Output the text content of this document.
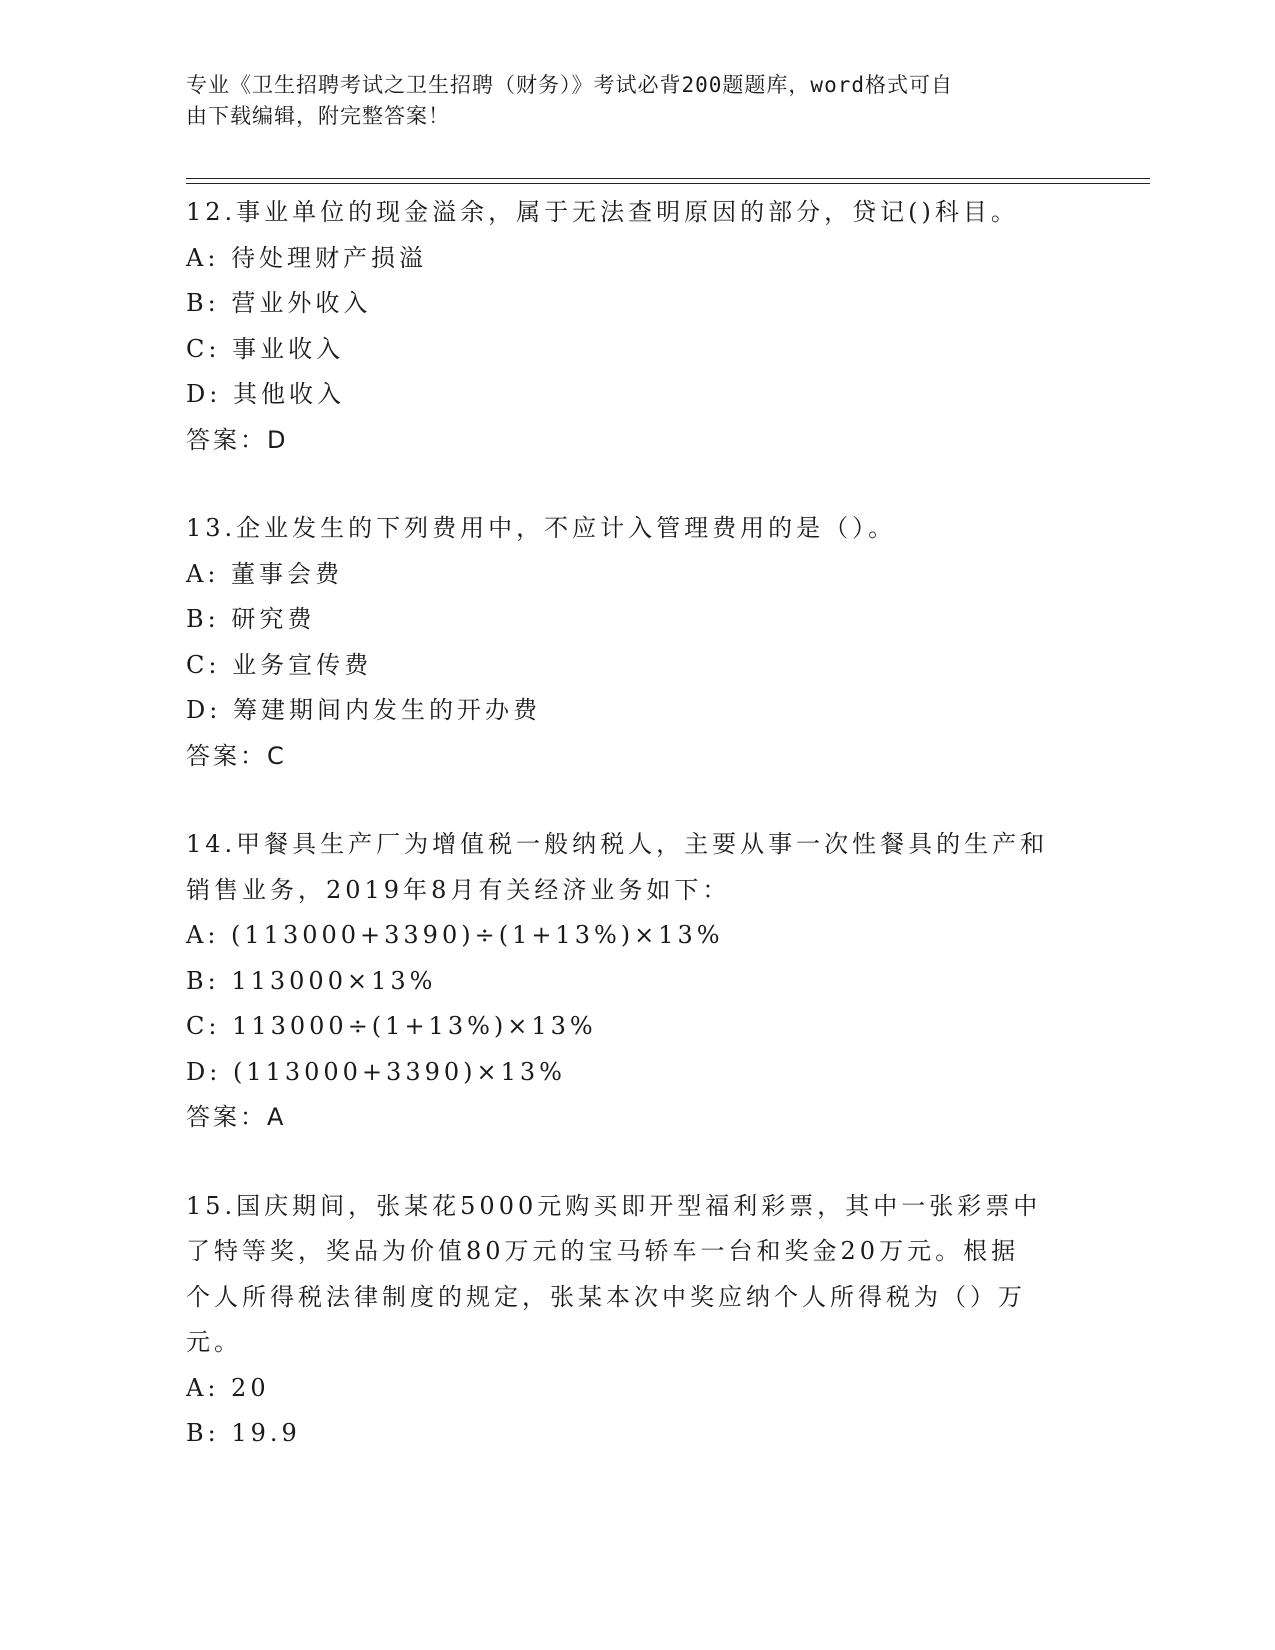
专业《卫生招聘考试之卫生招聘（财务）》考试必背200题题库，word格式可自
由下载编辑，附完整答案！
12.事业单位的现金溢余，属于无法查明原因的部分，贷记()科目。
A: 待处理财产损溢
B: 营业外收入
C: 事业收入
D: 其他收入
答案：D
13.企业发生的下列费用中，不应计入管理费用的是（）。
A: 董事会费
B: 研究费
C: 业务宣传费
D: 筹建期间内发生的开办费
答案：C
14.甲餐具生产厂为增值税一般纳税人，主要从事一次性餐具的生产和
销售业务，2019年8月有关经济业务如下：
A: (113000+3390)÷(1+13%)×13%
B: 113000×13%
C: 113000÷(1+13%)×13%
D: (113000+3390)×13%
答案：A
15.国庆期间，张某花5000元购买即开型福利彩票，其中一张彩票中
了特等奖，奖品为价值80万元的宝马轿车一台和奖金20万元。根据
个人所得税法律制度的规定，张某本次中奖应纳个人所得税为（）万
元。
A: 20
B: 19.9
